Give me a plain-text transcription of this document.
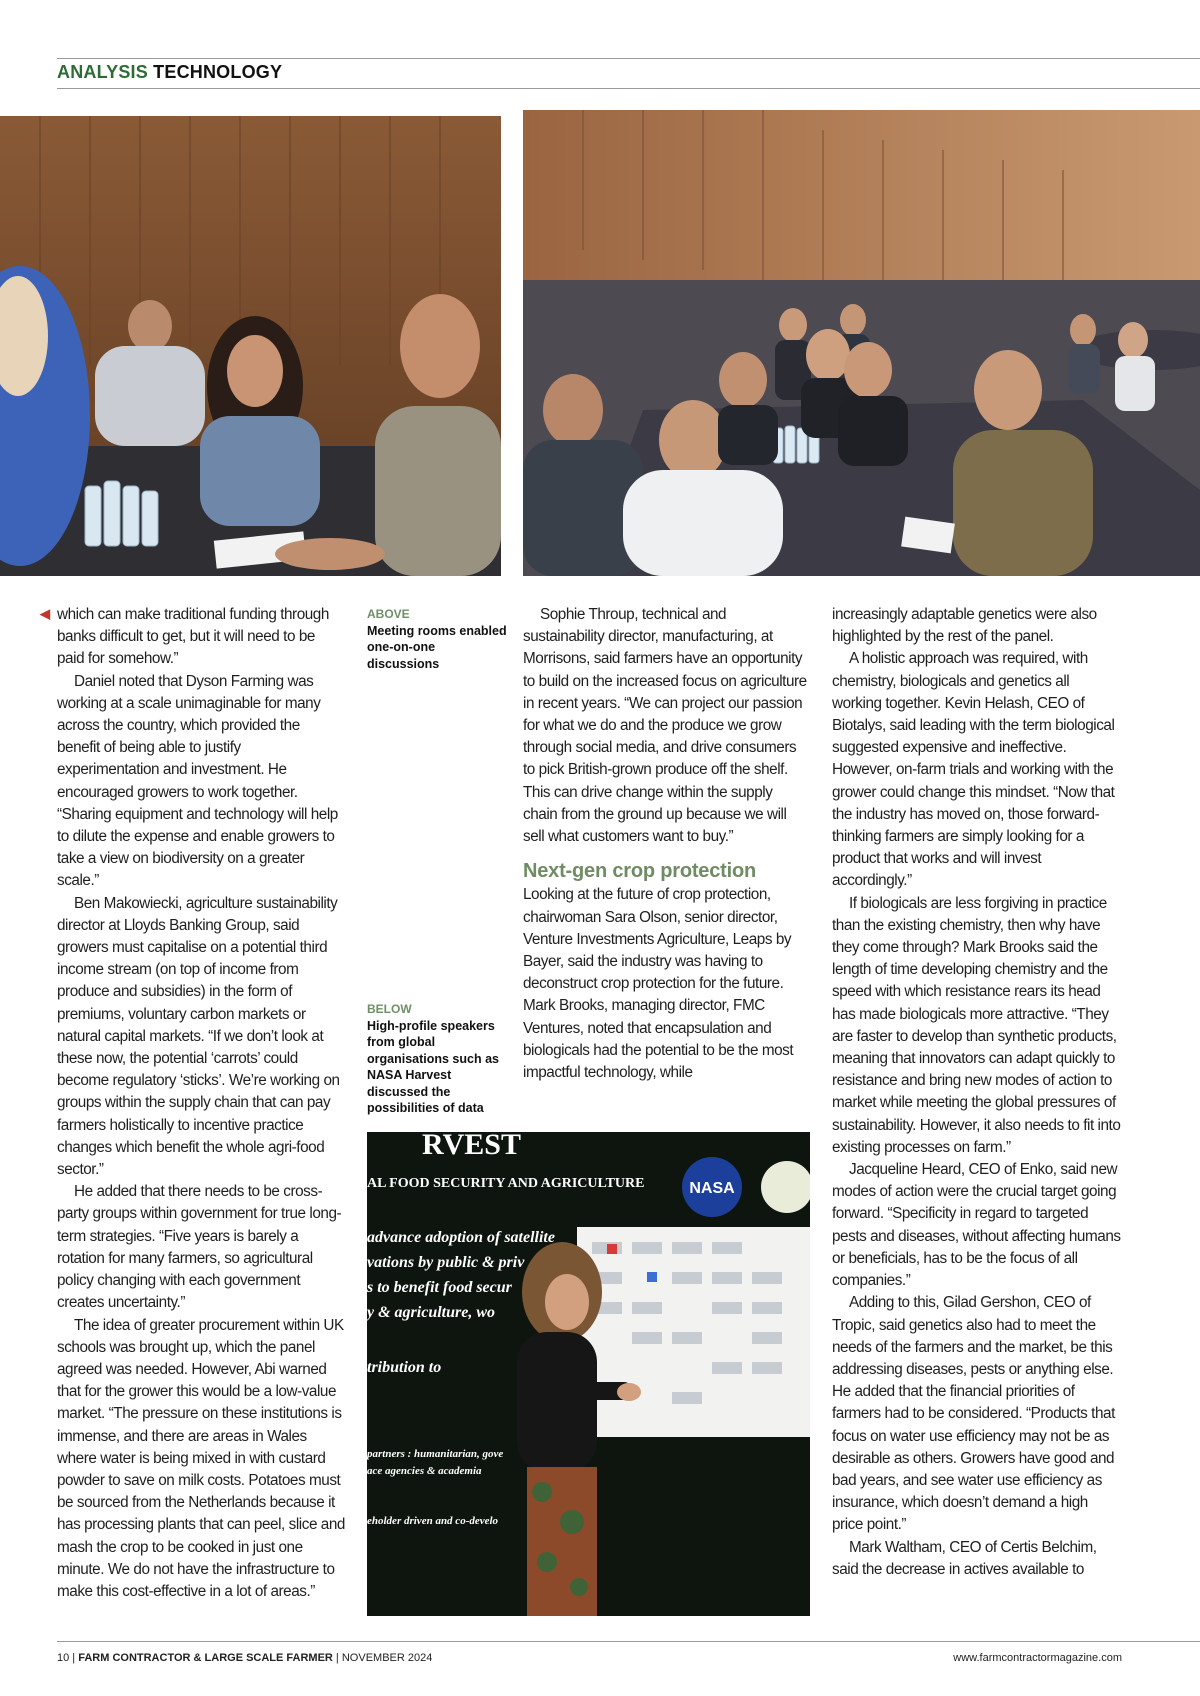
ANALYSIS TECHNOLOGY
◀ which can make traditional funding through banks difficult to get, but it will need to be paid for somehow.”

Daniel noted that Dyson Farming was working at a scale unimaginable for many across the country, which provided the benefit of being able to justify experimentation and investment. He encouraged growers to work together. “Sharing equipment and technology will help to dilute the expense and enable growers to take a view on biodiversity on a greater scale.”

Ben Makowiecki, agriculture sustainability director at Lloyds Banking Group, said growers must capitalise on a potential third income stream (on top of income from produce and subsidies) in the form of premiums, voluntary carbon markets or natural capital markets. “If we don’t look at these now, the potential ‘carrots’ could become regulatory ‘sticks’. We’re working on groups within the supply chain that can pay farmers holistically to incentive practice changes which benefit the whole agri-food sector.”

He added that there needs to be cross-party groups within government for true long-term strategies. “Five years is barely a rotation for many farmers, so agricultural policy changing with each government creates uncertainty.”

The idea of greater procurement within UK schools was brought up, which the panel agreed was needed. However, Abi warned that for the grower this would be a low-value market. “The pressure on these institutions is immense, and there are areas in Wales where water is being mixed in with custard powder to save on milk costs. Potatoes must be sourced from the Netherlands because it has processing plants that can peel, slice and mash the crop to be cooked in just one minute. We do not have the infrastructure to make this cost-effective in a lot of areas.”

ABOVE
Meeting rooms enabled one-on-one discussions
BELOW
High-profile speakers from global organisations such as NASA Harvest discussed the possibilities of data

Sophie Throup, technical and sustainability director, manufacturing, at Morrisons, said farmers have an opportunity to build on the increased focus on agriculture in recent years. “We can project our passion for what we do and the produce we grow through social media, and drive consumers to pick British-grown produce off the shelf. This can drive change within the supply chain from the ground up because we will sell what customers want to buy.”

Next-gen crop protection

Looking at the future of crop protection, chairwoman Sara Olson, senior director, Venture Investments Agriculture, Leaps by Bayer, said the industry was having to deconstruct crop protection for the future. Mark Brooks, managing director, FMC Ventures, noted that encapsulation and biologicals had the potential to be the most impactful technology, while

increasingly adaptable genetics were also highlighted by the rest of the panel.

A holistic approach was required, with chemistry, biologicals and genetics all working together. Kevin Helash, CEO of Biotalys, said leading with the term biological suggested expensive and ineffective. However, on-farm trials and working with the grower could change this mindset. “Now that the industry has moved on, those forward-thinking farmers are simply looking for a product that works and will invest accordingly.”

If biologicals are less forgiving in practice than the existing chemistry, then why have they come through? Mark Brooks said the length of time developing chemistry and the speed with which resistance rears its head has made biologicals more attractive. “They are faster to develop than synthetic products, meaning that innovators can adapt quickly to resistance and bring new modes of action to market while meeting the global pressures of sustainability. However, it also needs to fit into existing processes on farm.”

Jacqueline Heard, CEO of Enko, said new modes of action were the crucial target going forward. “Specificity in regard to targeted pests and diseases, without affecting humans or beneficials, has to be the focus of all companies.”

Adding to this, Gilad Gershon, CEO of Tropic, said genetics also had to meet the needs of the farmers and the market, be this addressing diseases, pests or anything else. He added that the financial priorities of farmers had to be considered. “Products that focus on water use efficiency may not be as desirable as others. Growers have good and bad years, and see water use efficiency as insurance, which doesn’t demand a high price point.”

Mark Waltham, CEO of Certis Belchim, said the decrease in actives available to

NASA
RVEST
AL FOOD SECURITY AND AGRICULTURE
advance adoption of satellite
vations by public & priv
s to benefit food secur
y & agriculture, wo
tribution to
partners : humanitarian, gove
ace agencies & academia
eholder driven and co-develo
10 | FARM CONTRACTOR & LARGE SCALE FARMER | NOVEMBER 2024	www.farmcontractormagazine.com
